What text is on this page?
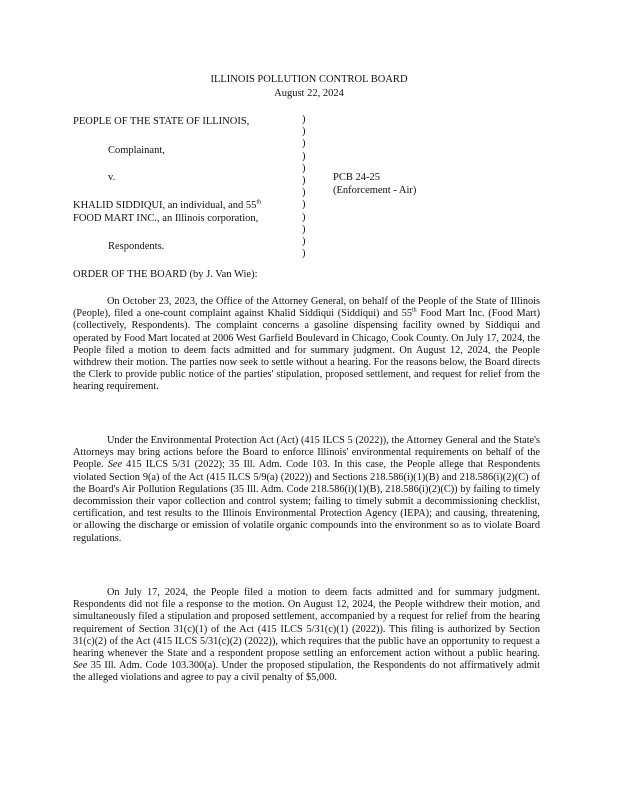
ILLINOIS POLLUTION CONTROL BOARD
August 22, 2024
PEOPLE OF THE STATE OF ILLINOIS,
Complainant,
v.	PCB 24-25
(Enforcement - Air)
KHALID SIDDIQUI, an individual, and 55th
FOOD MART INC., an Illinois corporation,
Respondents.
)
)
)
)
)
)
)
)
)
)
)
)
ORDER OF THE BOARD (by J. Van Wie):

On October 23, 2023, the Office of the Attorney General, on behalf of the People of the State of Illinois (People), filed a one-count complaint against Khalid Siddiqui (Siddiqui) and 55th Food Mart Inc. (Food Mart) (collectively, Respondents). The complaint concerns a gasoline dispensing facility owned by Siddiqui and operated by Food Mart located at 2006 West Garfield Boulevard in Chicago, Cook County. On July 17, 2024, the People filed a motion to deem facts admitted and for summary judgment. On August 12, 2024, the People withdrew their motion. The parties now seek to settle without a hearing. For the reasons below, the Board directs the Clerk to provide public notice of the parties' stipulation, proposed settlement, and request for relief from the hearing requirement.

Under the Environmental Protection Act (Act) (415 ILCS 5 (2022)), the Attorney General and the State's Attorneys may bring actions before the Board to enforce Illinois' environmental requirements on behalf of the People. See 415 ILCS 5/31 (2022); 35 Ill. Adm. Code 103. In this case, the People allege that Respondents violated Section 9(a) of the Act (415 ILCS 5/9(a) (2022)) and Sections 218.586(i)(1)(B) and 218.586(i)(2)(C) of the Board's Air Pollution Regulations (35 Ill. Adm. Code 218.586(i)(1)(B), 218.586(i)(2)(C)) by failing to timely decommission their vapor collection and control system; failing to timely submit a decommissioning checklist, certification, and test results to the Illinois Environmental Protection Agency (IEPA); and causing, threatening, or allowing the discharge or emission of volatile organic compounds into the environment so as to violate Board regulations.

On July 17, 2024, the People filed a motion to deem facts admitted and for summary judgment. Respondents did not file a response to the motion. On August 12, 2024, the People withdrew their motion, and simultaneously filed a stipulation and proposed settlement, accompanied by a request for relief from the hearing requirement of Section 31(c)(1) of the Act (415 ILCS 5/31(c)(1) (2022)). This filing is authorized by Section 31(c)(2) of the Act (415 ILCS 5/31(c)(2) (2022)), which requires that the public have an opportunity to request a hearing whenever the State and a respondent propose settling an enforcement action without a public hearing. See 35 Ill. Adm. Code 103.300(a). Under the proposed stipulation, the Respondents do not affirmatively admit the alleged violations and agree to pay a civil penalty of $5,000.
